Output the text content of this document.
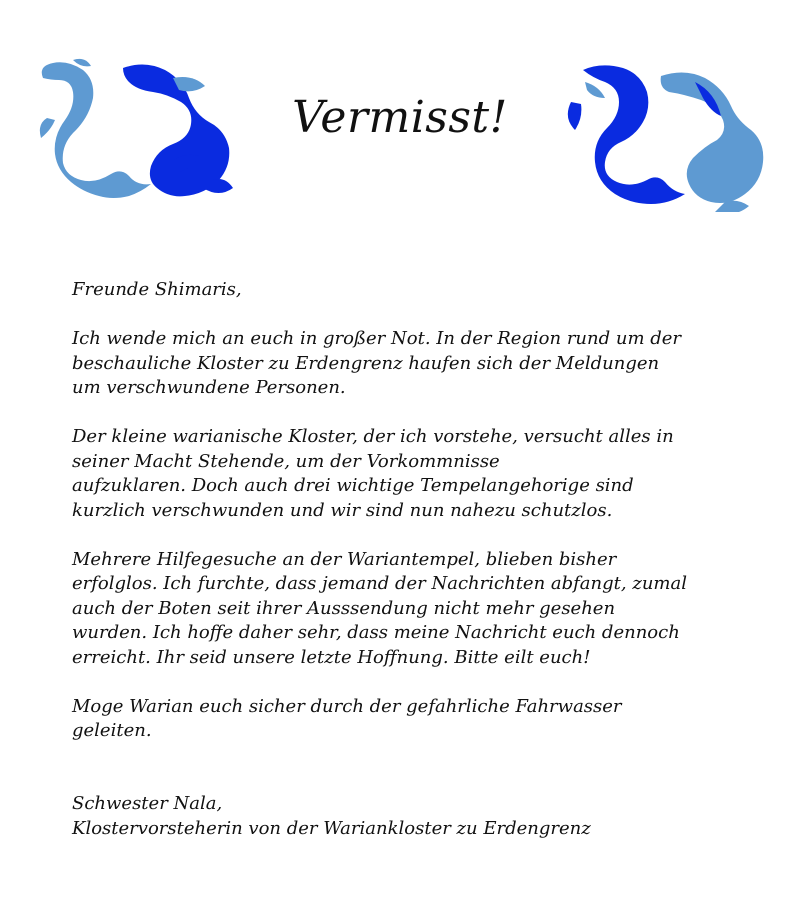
Vermisst!

Freunde Shimaris,

Ich wende mich an euch in großer Not. In der Region rund um der
beschauliche Kloster zu Erdengrenz haufen sich der Meldungen
um verschwundene Personen.

Der kleine warianische Kloster, der ich vorstehe, versucht alles in
seiner Macht Stehende, um der Vorkommnisse
aufzuklaren. Doch auch drei wichtige Tempelangehorige sind
kurzlich verschwunden und wir sind nun nahezu schutzlos.

Mehrere Hilfegesuche an der Wariantempel, blieben bisher
erfolglos. Ich furchte, dass jemand der Nachrichten abfangt, zumal
auch der Boten seit ihrer Ausssendung nicht mehr gesehen
wurden. Ich hoffe daher sehr, dass meine Nachricht euch dennoch
erreicht. Ihr seid unsere letzte Hoffnung. Bitte eilt euch!

Moge Warian euch sicher durch der gefahrliche Fahrwasser
geleiten.

Schwester Nala,
Klostervorsteherin von der Wariankloster zu Erdengrenz
